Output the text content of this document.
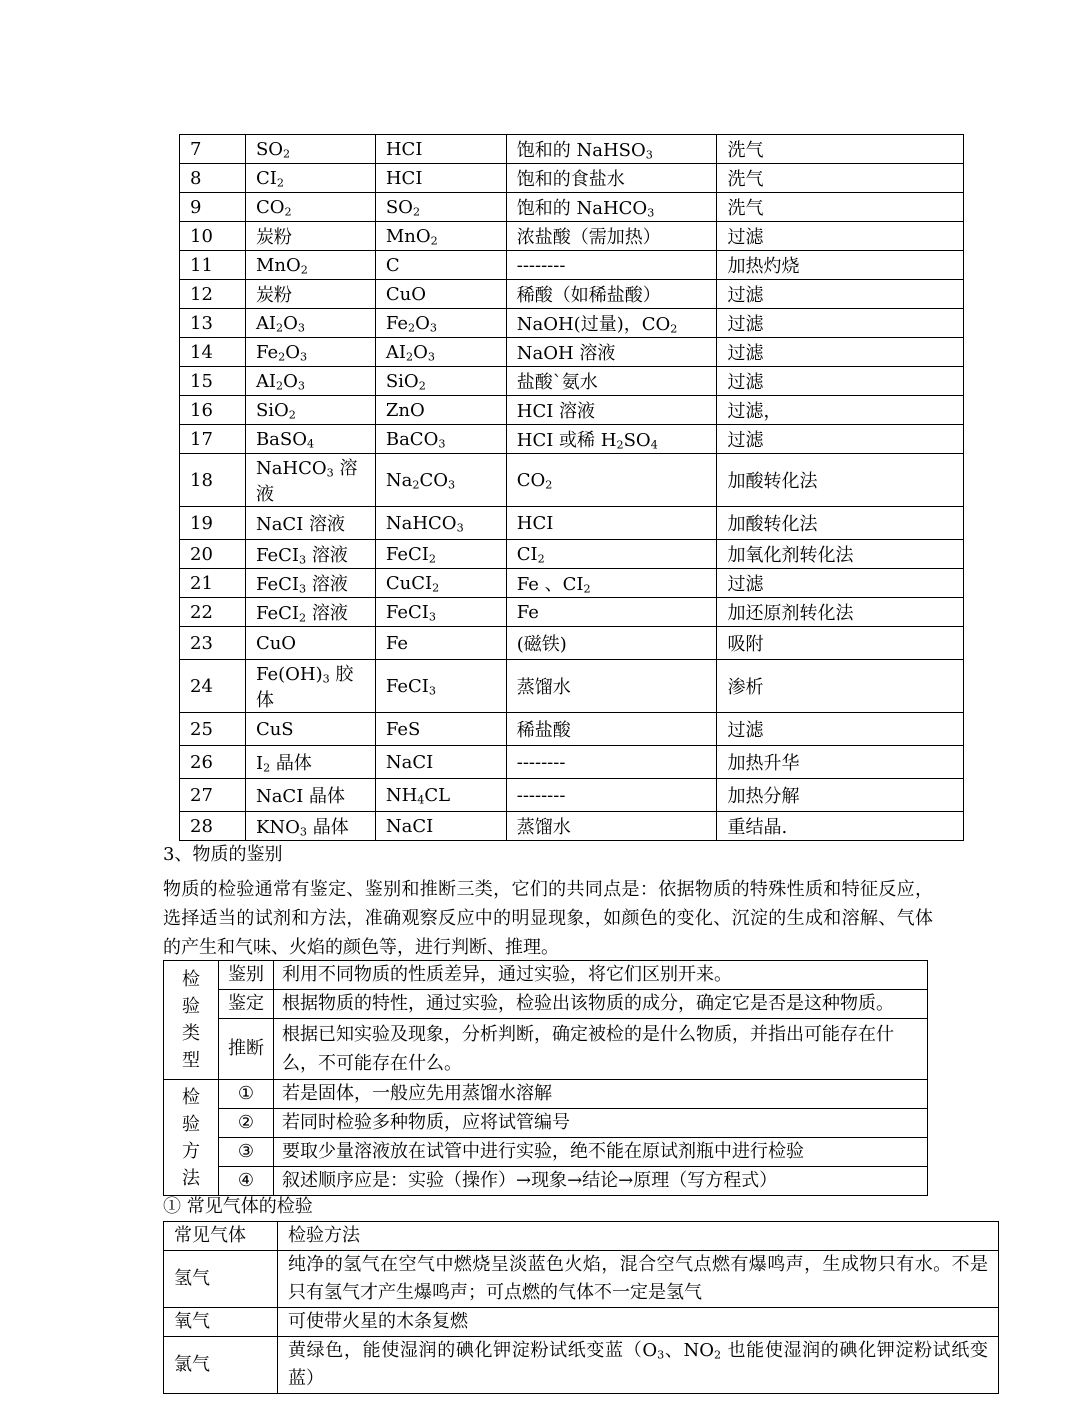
7	$SO_2$	HCI	饱和的 NaHSO$_3$	洗气
8	$CI_2$	HCI	饱和的食盐水	洗气
9	$CO_2$	$SO_2$	饱和的 NaHCO$_3$	洗气
10	炭粉	MnO$_2$	浓盐酸（需加热）	过滤
11	MnO$_2$	C	--------	加热灼烧
12	炭粉	CuO	稀酸（如稀盐酸）	过滤
13	$AI_2O_3$	$Fe_2O_3$	NaOH(过量)，$CO_2$	过滤
14	$Fe_2O_3$	$AI_2O_3$	NaOH 溶液	过滤
15	$AI_2O_3$	SiO$_2$	盐酸`氨水	过滤
16	SiO$_2$	ZnO	HCI 溶液	过滤，
17	BaSO$_4$	BaCO$_3$	HCI 或稀 $H_2SO_4$	过滤
18	NaHCO$_3$ 溶液	$Na_2CO_3$	$CO_2$	加酸转化法
19	NaCI 溶液	NaHCO$_3$	HCI	加酸转化法
20	FeCI$_3$ 溶液	FeCI$_2$	$CI_2$	加氧化剂转化法
21	FeCI$_3$ 溶液	CuCI$_2$	Fe 、$CI_2$	过滤
22	FeCI$_2$ 溶液	FeCI$_3$	Fe	加还原剂转化法
23	CuO	Fe	(磁铁)	吸附
24	$Fe(OH)_3$ 胶体	FeCI$_3$	蒸馏水	渗析
25	CuS	FeS	稀盐酸	过滤
26	$I_2$ 晶体	NaCI	--------	加热升华
27	NaCI 晶体	$NH_4CL$	--------	加热分解
28	$KNO_3$ 晶体	NaCI	蒸馏水	重结晶.
3、物质的鉴别
物质的检验通常有鉴定、鉴别和推断三类，它们的共同点是：依据物质的特殊性质和特征反应，选择适当的试剂和方法，准确观察反应中的明显现象，如颜色的变化、沉淀的生成和溶解、气体的产生和气味、火焰的颜色等，进行判断、推理。
检验类型	鉴别	利用不同物质的性质差异，通过实验，将它们区别开来。
	鉴定	根据物质的特性，通过实验，检验出该物质的成分，确定它是否是这种物质。
	推断	根据已知实验及现象，分析判断，确定被检的是什么物质，并指出可能存在什么，不可能存在什么。
检验方法	①	若是固体，一般应先用蒸馏水溶解
	②	若同时检验多种物质，应将试管编号
	③	要取少量溶液放在试管中进行实验，绝不能在原试剂瓶中进行检验
	④	叙述顺序应是：实验（操作）→现象→结论→原理（写方程式）
① 常见气体的检验
常见气体	检验方法
氢气	纯净的氢气在空气中燃烧呈淡蓝色火焰，混合空气点燃有爆鸣声，生成物只有水。不是只有氢气才产生爆鸣声；可点燃的气体不一定是氢气
氧气	可使带火星的木条复燃
氯气	黄绿色，能使湿润的碘化钾淀粉试纸变蓝（$O_3$、$NO_2$ 也能使湿润的碘化钾淀粉试纸变蓝）
